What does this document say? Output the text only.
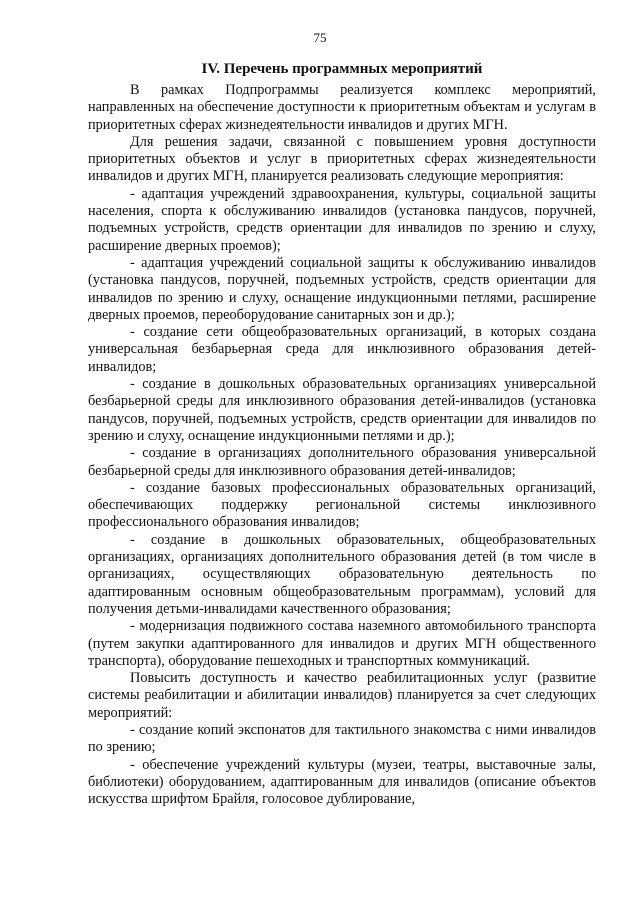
75
IV. Перечень программных мероприятий

В рамках Подпрограммы реализуется комплекс мероприятий, направленных на обеспечение доступности к приоритетным объектам и услугам в приоритетных сферах жизнедеятельности инвалидов и других МГН.

Для решения задачи, связанной с повышением уровня доступности приоритетных объектов и услуг в приоритетных сферах жизнедеятельности инвалидов и других МГН, планируется реализовать следующие мероприятия:

- адаптация учреждений здравоохранения, культуры, социальной защиты населения, спорта к обслуживанию инвалидов (установка пандусов, поручней, подъемных устройств, средств ориентации для инвалидов по зрению и слуху, расширение дверных проемов);

- адаптация учреждений социальной защиты к обслуживанию инвалидов (установка пандусов, поручней, подъемных устройств, средств ориентации для инвалидов по зрению и слуху, оснащение индукционными петлями, расширение дверных проемов, переоборудование санитарных зон и др.);

- создание сети общеобразовательных организаций, в которых создана универсальная безбарьерная среда для инклюзивного образования детей-инвалидов;

- создание в дошкольных образовательных организациях универсальной безбарьерной среды для инклюзивного образования детей-инвалидов (установка пандусов, поручней, подъемных устройств, средств ориентации для инвалидов по зрению и слуху, оснащение индукционными петлями и др.);

- создание в организациях дополнительного образования универсальной безбарьерной среды для инклюзивного образования детей-инвалидов;

- создание базовых профессиональных образовательных организаций, обеспечивающих поддержку региональной системы инклюзивного профессионального образования инвалидов;

- создание в дошкольных образовательных, общеобразовательных организациях, организациях дополнительного образования детей (в том числе в организациях, осуществляющих образовательную деятельность по адаптированным основным общеобразовательным программам), условий для получения детьми-инвалидами качественного образования;

- модернизация подвижного состава наземного автомобильного транспорта (путем закупки адаптированного для инвалидов и других МГН общественного транспорта), оборудование пешеходных и транспортных коммуникаций.

Повысить доступность и качество реабилитационных услуг (развитие системы реабилитации и абилитации инвалидов) планируется за счет следующих мероприятий:

- создание копий экспонатов для тактильного знакомства с ними инвалидов по зрению;

- обеспечение учреждений культуры (музеи, театры, выставочные залы, библиотеки) оборудованием, адаптированным для инвалидов (описание объектов искусства шрифтом Брайля, голосовое дублирование,
